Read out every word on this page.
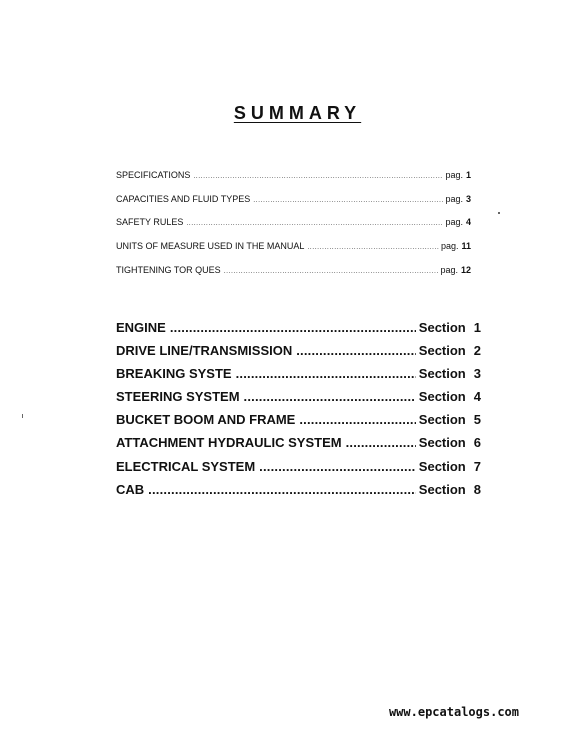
SUMMARY
SPECIFICATIONS .....	pag. 1
CAPACITIES AND FLUID TYPES .....	pag. 3
SAFETY RULES .....	pag. 4
UNITS OF MEASURE USED IN THE MANUAL .....	pag. 11
TIGHTENING TOR QUES .....	pag. 12
ENGINE .....	Section 1
DRIVE LINE/TRANSMISSION .....	Section 2
BREAKING SYSTE .....	Section 3
STEERING SYSTEM .....	Section 4
BUCKET BOOM AND FRAME .....	Section 5
ATTACHMENT HYDRAULIC SYSTEM .....	Section 6
ELECTRICAL SYSTEM .....	Section 7
CAB .....	Section 8
www.epcatalogs.com
